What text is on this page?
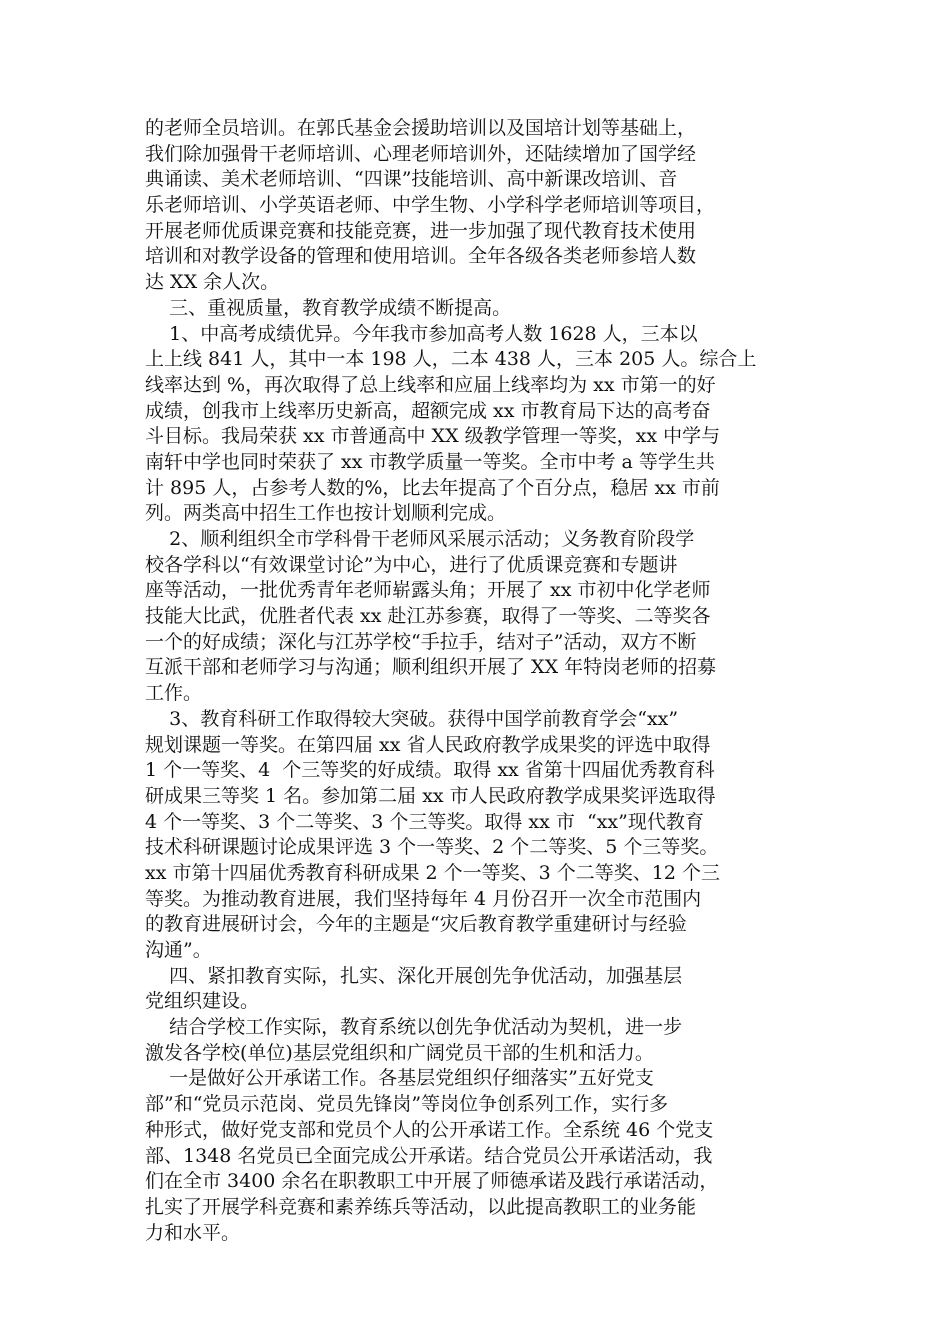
的老师全员培训。在郭氏基金会援助培训以及国培计划等基础上，
我们除加强骨干老师培训、心理老师培训外，还陆续增加了国学经
典诵读、美术老师培训、“四课”技能培训、高中新课改培训、音
乐老师培训、小学英语老师、中学生物、小学科学老师培训等项目，
开展老师优质课竞赛和技能竞赛，进一步加强了现代教育技术使用
培训和对教学设备的管理和使用培训。全年各级各类老师参培人数
达 XX 余人次。
三、重视质量，教育教学成绩不断提高。
1、中高考成绩优异。今年我市参加高考人数 1628 人，三本以
上上线 841 人，其中一本 198 人，二本 438 人，三本 205 人。综合上
线率达到 %，再次取得了总上线率和应届上线率均为 xx 市第一的好
成绩，创我市上线率历史新高，超额完成 xx 市教育局下达的高考奋
斗目标。我局荣获 xx 市普通高中 XX 级教学管理一等奖，xx 中学与
南轩中学也同时荣获了 xx 市教学质量一等奖。全市中考 a 等学生共
计 895 人，占参考人数的%，比去年提高了个百分点，稳居 xx 市前
列。两类高中招生工作也按计划顺利完成。
2、顺利组织全市学科骨干老师风采展示活动；义务教育阶段学
校各学科以“有效课堂讨论”为中心，进行了优质课竞赛和专题讲
座等活动，一批优秀青年老师崭露头角；开展了 xx 市初中化学老师
技能大比武，优胜者代表 xx 赴江苏参赛，取得了一等奖、二等奖各
一个的好成绩；深化与江苏学校“手拉手，结对子”活动，双方不断
互派干部和老师学习与沟通；顺利组织开展了 XX 年特岗老师的招募
工作。
3、教育科研工作取得较大突破。获得中国学前教育学会“xx”
规划课题一等奖。在第四届 xx 省人民政府教学成果奖的评选中取得
1 个一等奖、4  个三等奖的好成绩。取得 xx 省第十四届优秀教育科
研成果三等奖 1 名。参加第二届 xx 市人民政府教学成果奖评选取得
4 个一等奖、3 个二等奖、3 个三等奖。取得 xx 市  “xx”现代教育
技术科研课题讨论成果评选 3 个一等奖、2 个二等奖、5 个三等奖。
xx 市第十四届优秀教育科研成果 2 个一等奖、3 个二等奖、12 个三
等奖。为推动教育进展，我们坚持每年 4 月份召开一次全市范围内
的教育进展研讨会，今年的主题是“灾后教育教学重建研讨与经验
沟通”。
四、紧扣教育实际，扎实、深化开展创先争优活动，加强基层
党组织建设。
结合学校工作实际，教育系统以创先争优活动为契机，进一步
激发各学校(单位)基层党组织和广阔党员干部的生机和活力。
一是做好公开承诺工作。各基层党组织仔细落实”五好党支
部”和“党员示范岗、党员先锋岗”等岗位争创系列工作，实行多
种形式，做好党支部和党员个人的公开承诺工作。全系统 46 个党支
部、1348 名党员已全面完成公开承诺。结合党员公开承诺活动，我
们在全市 3400 余名在职教职工中开展了师德承诺及践行承诺活动，
扎实了开展学科竞赛和素养练兵等活动，以此提高教职工的业务能
力和水平。
